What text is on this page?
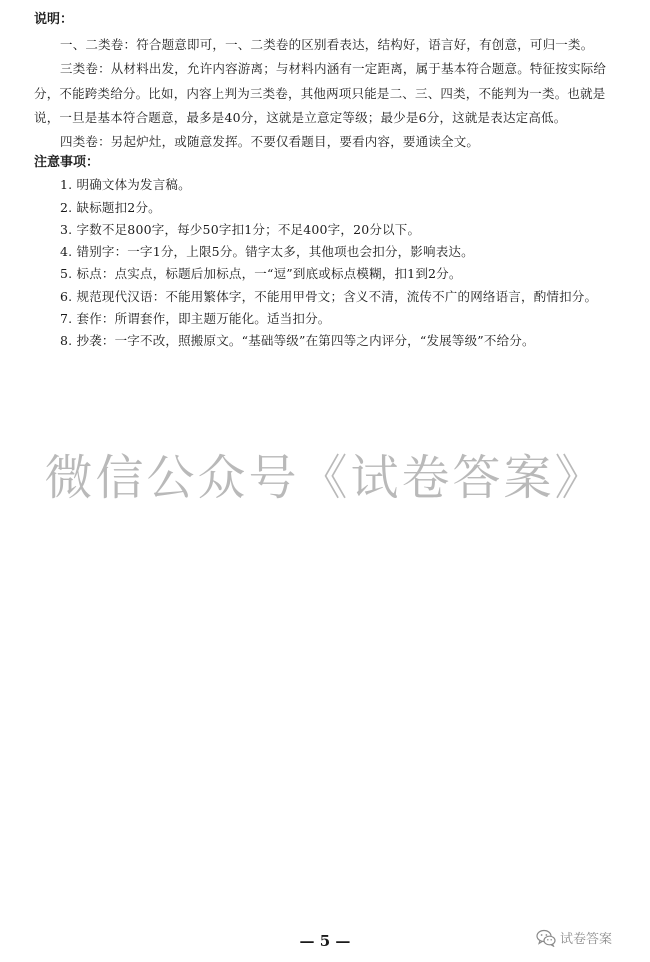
说明：

一、二类卷：符合题意即可，一、二类卷的区别看表达，结构好，语言好，有创意，可归一类。

三类卷：从材料出发，允许内容游离；与材料内涵有一定距离，属于基本符合题意。特征按实际给分，不能跨类给分。比如，内容上判为三类卷，其他两项只能是二、三、四类，不能判为一类。也就是说，一旦是基本符合题意，最多是40分，这就是立意定等级；最少是6分，这就是表达定高低。

四类卷：另起炉灶，或随意发挥。不要仅看题目，要看内容，要通读全文。

注意事项：
1. 明确文体为发言稿。
2. 缺标题扣2分。
3. 字数不足800字，每少50字扣1分；不足400字，20分以下。
4. 错别字：一字1分，上限5分。错字太多，其他项也会扣分，影响表达。
5. 标点：点实点，标题后加标点，一“逗”到底或标点模糊，扣1到2分。
6. 规范现代汉语：不能用繁体字，不能用甲骨文；含义不清，流传不广的网络语言，酌情扣分。
7. 套作：所谓套作，即主题万能化。适当扣分。
8. 抄袭：一字不改，照搬原文。“基础等级”在第四等之内评分，“发展等级”不给分。
微信公众号《试卷答案》
— 5 —	试卷答案
